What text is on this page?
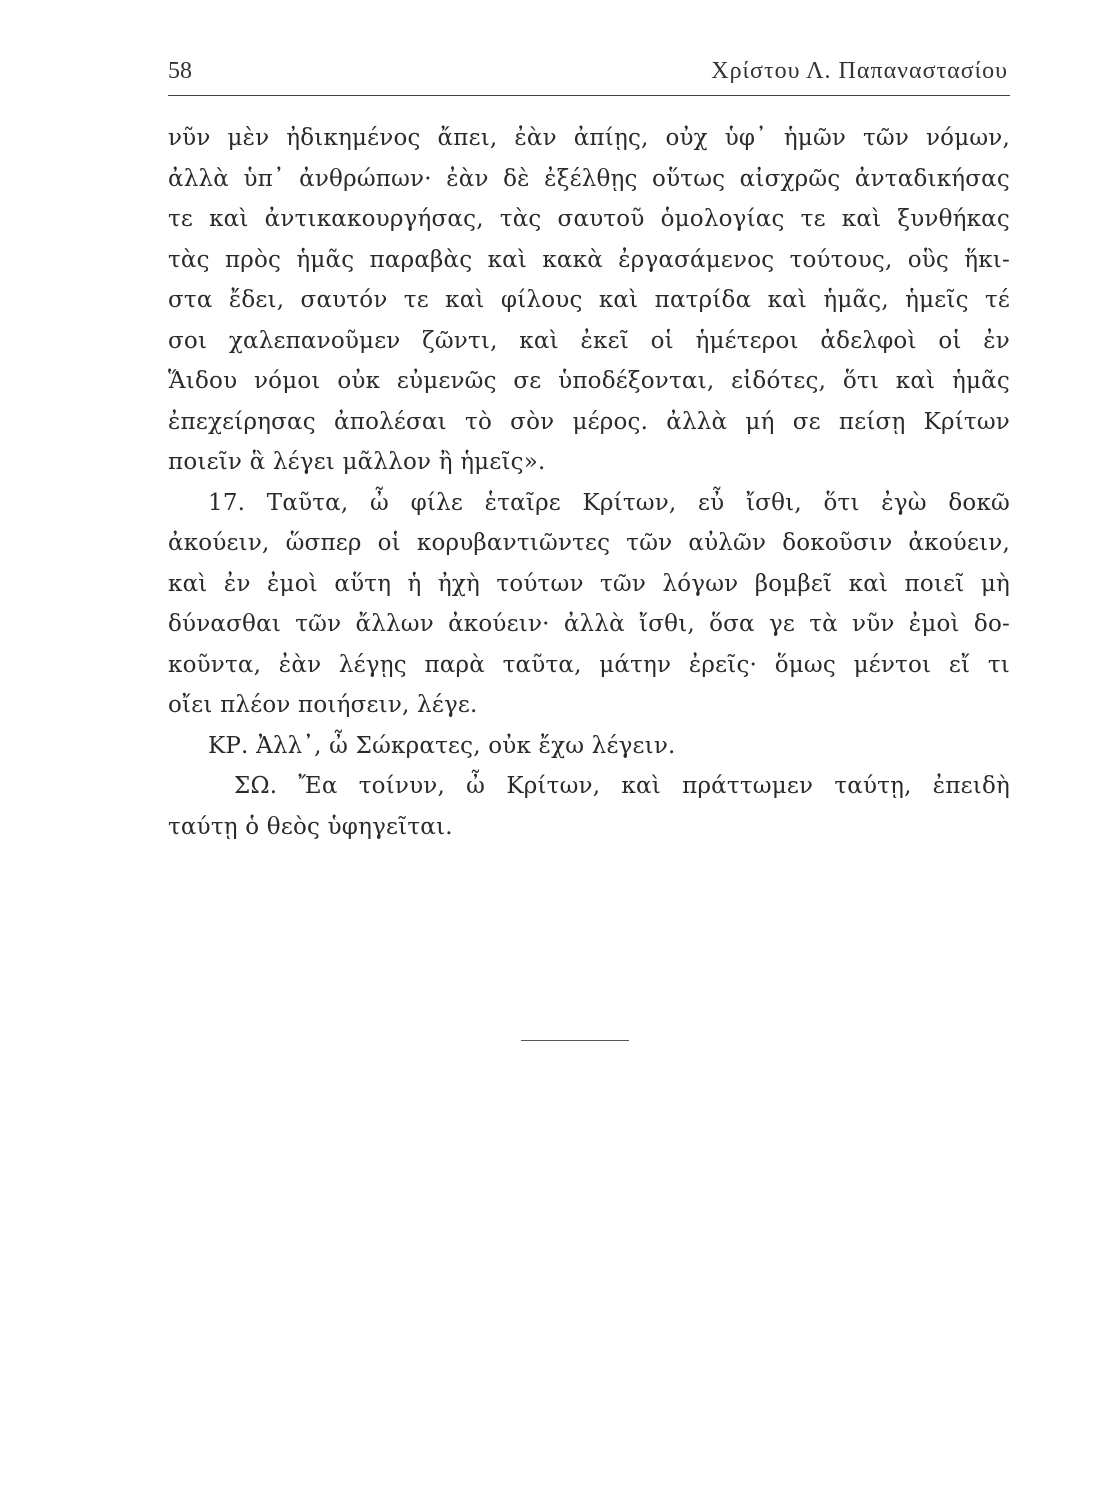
58	Χρίστου Λ. Παπαναστασίου
νῦν μὲν ἠδικημένος ἄπει, ἐὰν ἀπίῃς, οὐχ ὑφ᾽ ἡμῶν τῶν νόμων,
ἀλλὰ ὑπ᾽ ἀνθρώπων· ἐὰν δὲ ἐξέλθῃς οὕτως αἰσχρῶς ἀνταδικήσας
τε καὶ ἀντικακουργήσας, τὰς σαυτοῦ ὁμολογίας τε καὶ ξυνθήκας
τὰς πρὸς ἡμᾶς παραβὰς καὶ κακὰ ἐργασάμενος τούτους, οὓς ἥκι-
στα ἔδει, σαυτόν τε καὶ φίλους καὶ πατρίδα καὶ ἡμᾶς, ἡμεῖς τέ
σοι χαλεπανοῦμεν ζῶντι, καὶ ἐκεῖ οἱ ἡμέτεροι ἀδελφοὶ οἱ ἐν
Ἅιδου νόμοι οὐκ εὐμενῶς σε ὑποδέξονται, εἰδότες, ὅτι καὶ ἡμᾶς
ἐπεχείρησας ἀπολέσαι τὸ σὸν μέρος. ἀλλὰ μή σε πείσῃ Κρίτων
ποιεῖν ἃ λέγει μᾶλλον ἢ ἡμεῖς».
17. Ταῦτα, ὦ φίλε ἑταῖρε Κρίτων, εὖ ἴσθι, ὅτι ἐγὼ δοκῶ
ἀκούειν, ὥσπερ οἱ κορυβαντιῶντες τῶν αὐλῶν δοκοῦσιν ἀκούειν,
καὶ ἐν ἐμοὶ αὕτη ἡ ἠχὴ τούτων τῶν λόγων βομβεῖ καὶ ποιεῖ μὴ
δύνασθαι τῶν ἄλλων ἀκούειν· ἀλλὰ ἴσθι, ὅσα γε τὰ νῦν ἐμοὶ δο-
κοῦντα, ἐὰν λέγῃς παρὰ ταῦτα, μάτην ἐρεῖς· ὅμως μέντοι εἴ τι
οἴει πλέον ποιήσειν, λέγε.
ΚΡ. Ἀλλ᾽, ὦ Σώκρατες, οὐκ ἔχω λέγειν.
ΣΩ. Ἔα τοίνυν, ὦ Κρίτων, καὶ πράττωμεν ταύτῃ, ἐπειδὴ
ταύτῃ ὁ θεὸς ὑφηγεῖται.
